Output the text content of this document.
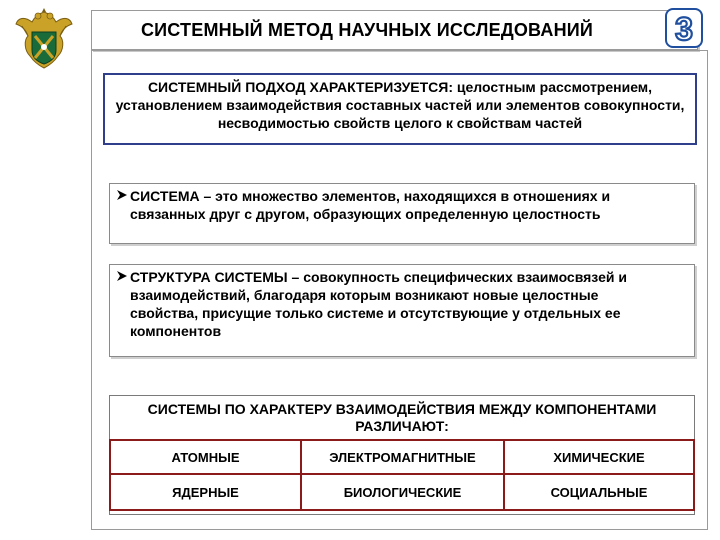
СИСТЕМНЫЙ МЕТОД НАУЧНЫХ ИССЛЕДОВАНИЙ	3
СИСТЕМНЫЙ ПОДХОД ХАРАКТЕРИЗУЕТСЯ: целостным рассмотрением, установлением взаимодействия составных частей или элементов совокупности, несводимостью свойств целого к свойствам частей
СИСТЕМА – это множество элементов, находящихся в отношениях и связанных друг с другом, образующих определенную целостность
СТРУКТУРА СИСТЕМЫ – совокупность специфических взаимосвязей и взаимодействий, благодаря которым возникают новые целостные свойства, присущие только системе и отсутствующие у отдельных ее компонентов
СИСТЕМЫ ПО ХАРАКТЕРУ ВЗАИМОДЕЙСТВИЯ МЕЖДУ КОМПОНЕНТАМИ РАЗЛИЧАЮТ:
АТОМНЫЕ	ЭЛЕКТРОМАГНИТНЫЕ	ХИМИЧЕСКИЕ
ЯДЕРНЫЕ	БИОЛОГИЧЕСКИЕ	СОЦИАЛЬНЫЕ
